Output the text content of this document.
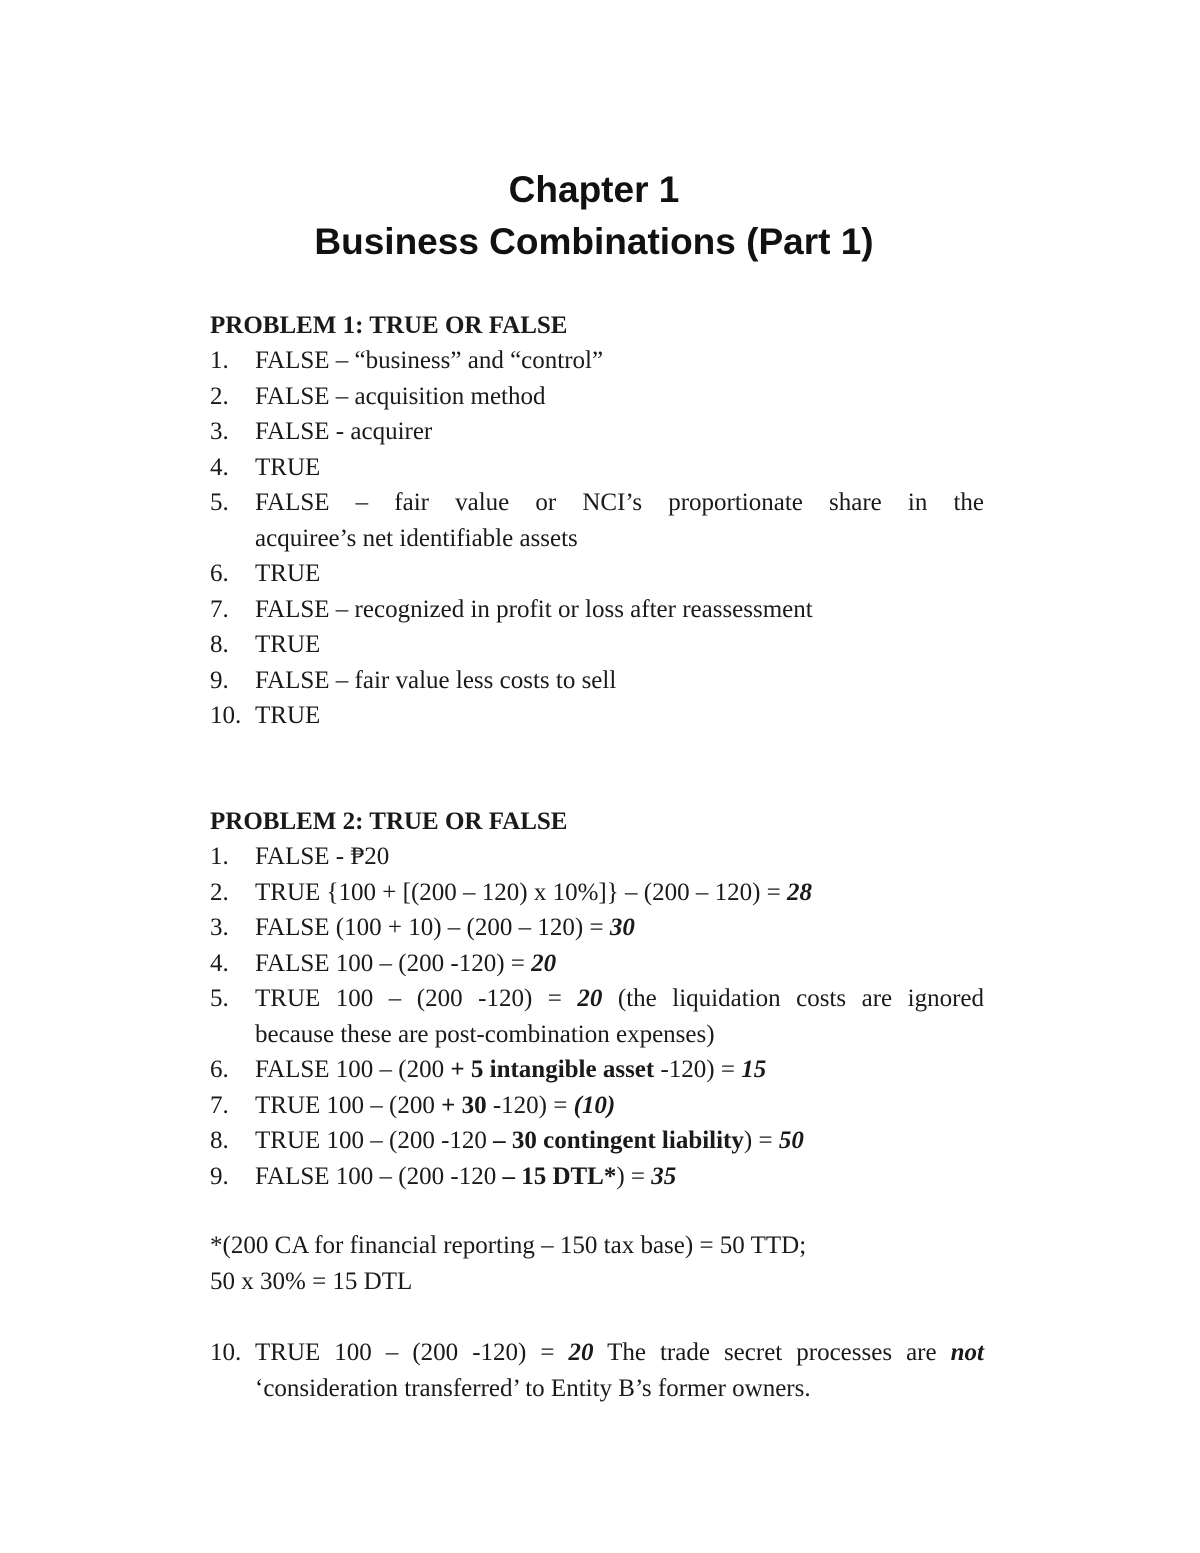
Chapter 1
Business Combinations (Part 1)
PROBLEM 1: TRUE OR FALSE
1. FALSE – “business” and “control”
2. FALSE – acquisition method
3. FALSE - acquirer
4. TRUE
5. FALSE – fair value or NCI’s proportionate share in the
acquiree’s net identifiable assets
6. TRUE
7. FALSE – recognized in profit or loss after reassessment
8. TRUE
9. FALSE – fair value less costs to sell
10. TRUE
PROBLEM 2: TRUE OR FALSE
1. FALSE - ₱20
2. TRUE {100 + [(200 – 120) x 10%]} – (200 – 120) = 28
3. FALSE (100 + 10) – (200 – 120) = 30
4. FALSE 100 – (200 -120) = 20
5. TRUE 100 – (200 -120) = 20 (the liquidation costs are ignored
because these are post-combination expenses)
6. FALSE 100 – (200 + 5 intangible asset -120) = 15
7. TRUE 100 – (200 + 30 -120) = (10)
8. TRUE 100 – (200 -120 – 30 contingent liability) = 50
9. FALSE 100 – (200 -120 – 15 DTL*) = 35
*(200 CA for financial reporting – 150 tax base) = 50 TTD;
50 x 30% = 15 DTL
10. TRUE 100 – (200 -120) = 20 The trade secret processes are not
‘consideration transferred’ to Entity B’s former owners.
